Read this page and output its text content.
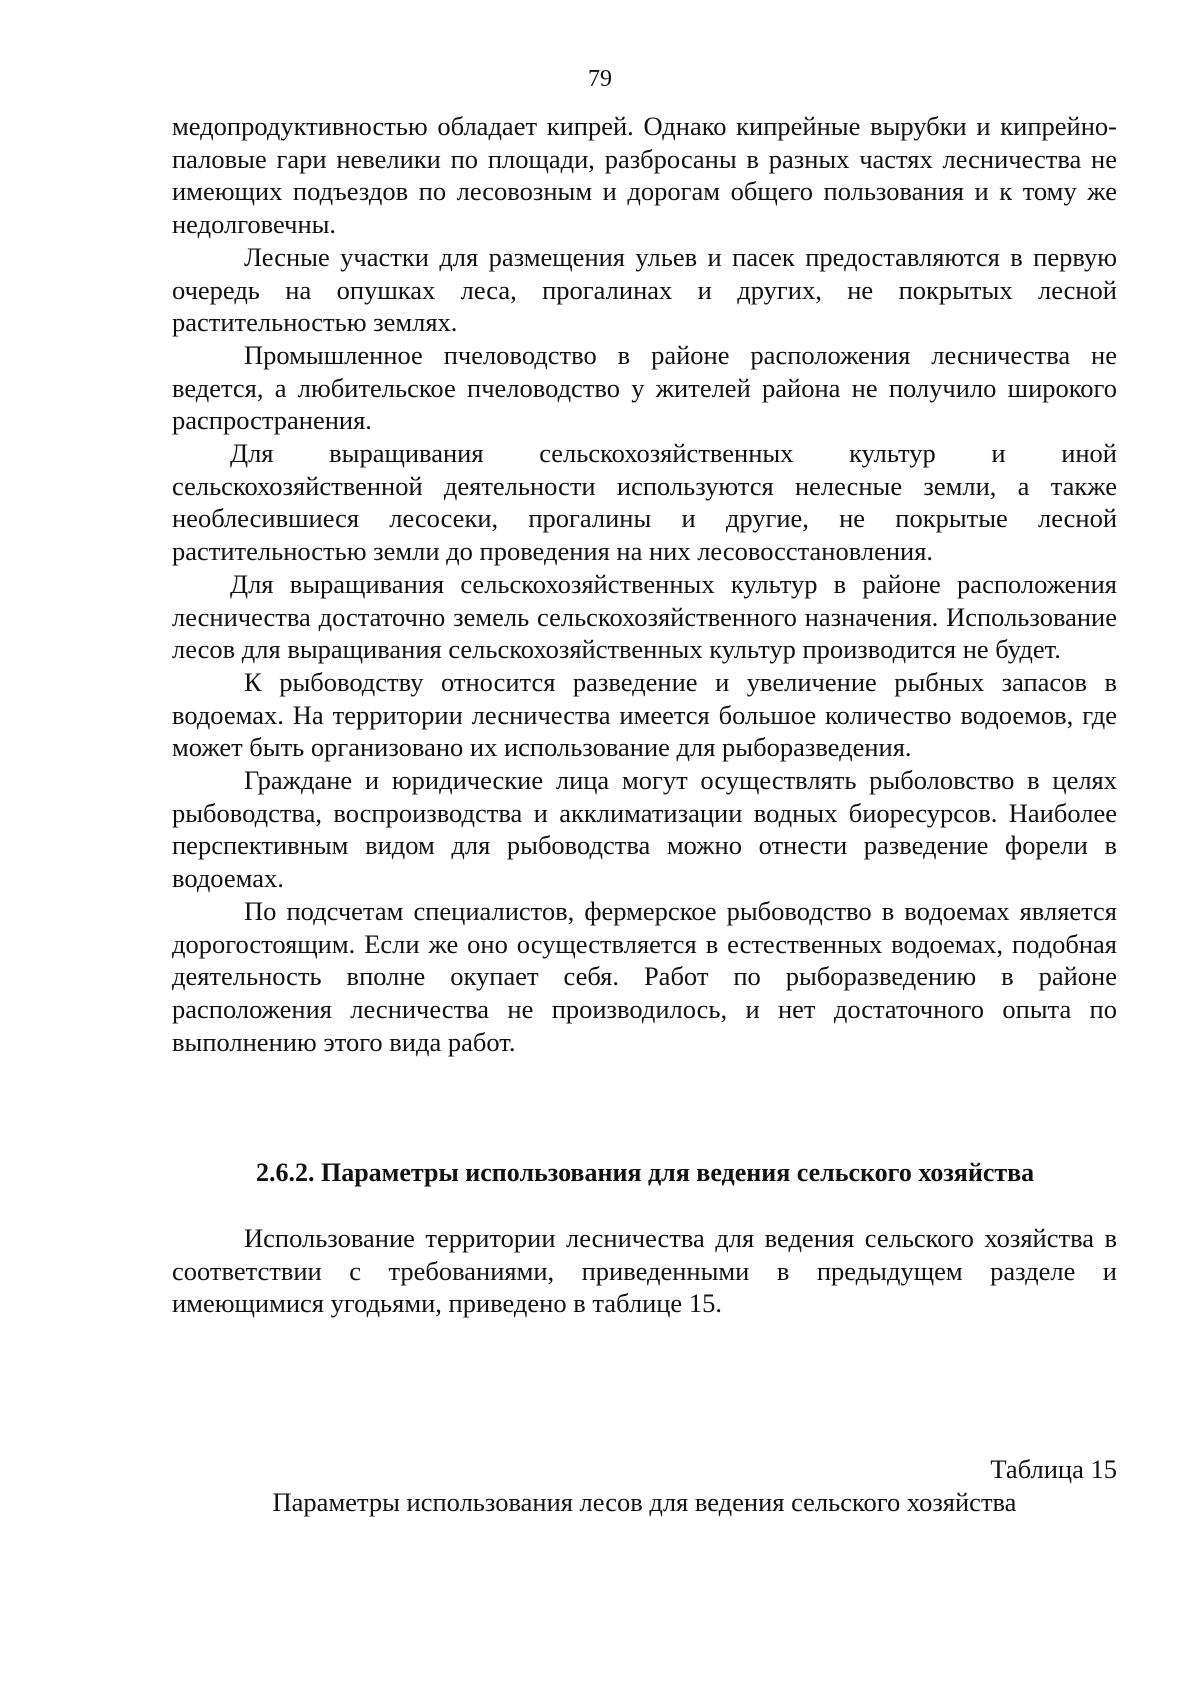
79

медопродуктивностью обладает кипрей. Однако кипрейные вырубки и кипрейно-паловые гари невелики по площади, разбросаны в разных частях лесничества не имеющих подъездов по лесовозным и дорогам общего пользования и к тому же недолговечны.

Лесные участки для размещения ульев и пасек предоставляются в первую очередь на опушках леса, прогалинах и других, не покрытых лесной растительностью землях.

Промышленное пчеловодство в районе расположения лесничества не ведется, а любительское пчеловодство у жителей района не получило широкого распространения.

Для выращивания сельскохозяйственных культур и иной сельскохозяйственной деятельности используются нелесные земли, а также необлесившиеся лесосеки, прогалины и другие, не покрытые лесной растительностью земли до проведения на них лесовосстановления.

Для выращивания сельскохозяйственных культур в районе расположения лесничества достаточно земель сельскохозяйственного назначения. Использование лесов для выращивания сельскохозяйственных культур производится не будет.

К рыбоводству относится разведение и увеличение рыбных запасов в водоемах. На территории лесничества имеется большое количество водоемов, где может быть организовано их использование для рыборазведения.

Граждане и юридические лица могут осуществлять рыболовство в целях рыбоводства, воспроизводства и акклиматизации водных биоресурсов. Наиболее перспективным видом для рыбоводства можно отнести разведение форели в водоемах.

По подсчетам специалистов, фермерское рыбоводство в водоемах является дорогостоящим. Если же оно осуществляется в естественных водоемах, подобная деятельность вполне окупает себя. Работ по рыборазведению в районе расположения лесничества не производилось, и нет достаточного опыта по выполнению этого вида работ.

2.6.2. Параметры использования для ведения сельского хозяйства

Использование территории лесничества для ведения сельского хозяйства в соответствии с требованиями, приведенными в предыдущем разделе и имеющимися угодьями, приведено в таблице 15.

Таблица 15
Параметры использования лесов для ведения сельского хозяйства
